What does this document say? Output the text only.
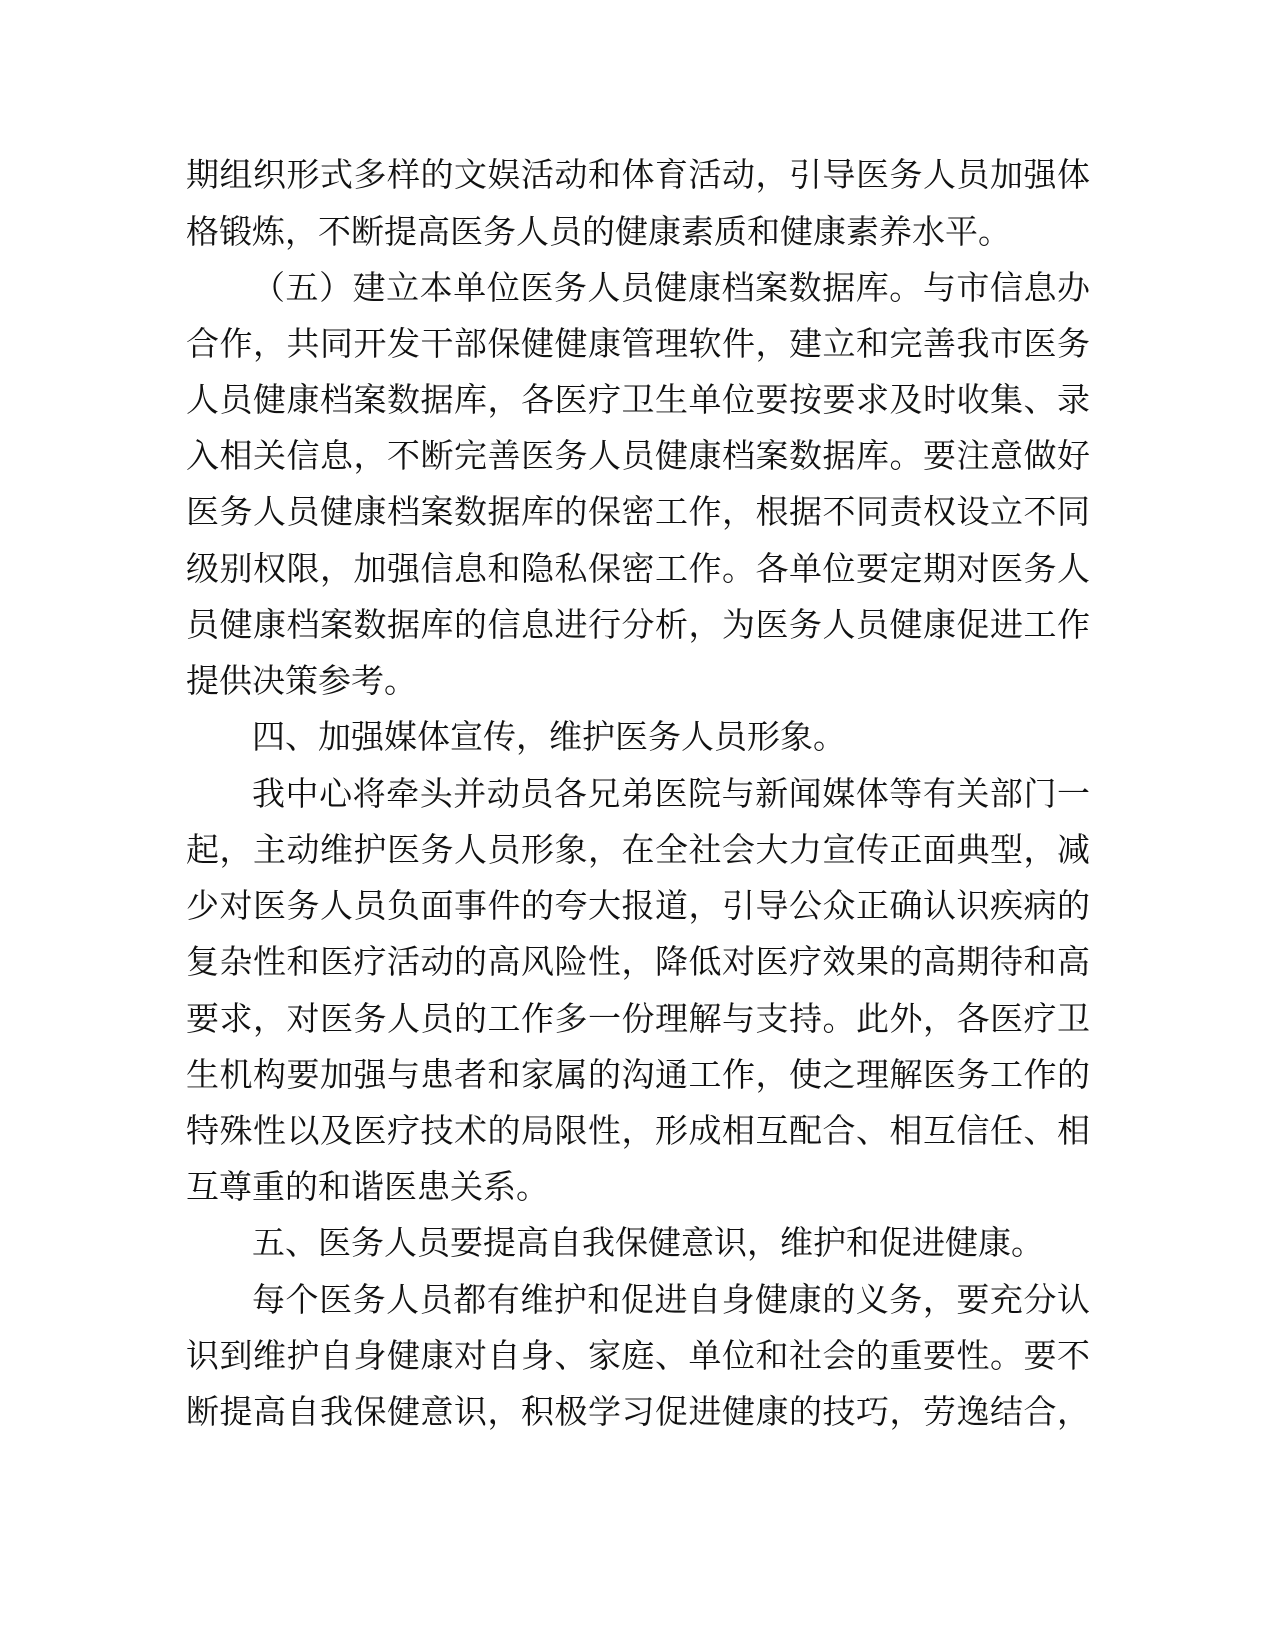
期组织形式多样的文娱活动和体育活动，引导医务人员加强体
格锻炼，不断提高医务人员的健康素质和健康素养水平。
（五）建立本单位医务人员健康档案数据库。与市信息办
合作，共同开发干部保健健康管理软件，建立和完善我市医务
人员健康档案数据库，各医疗卫生单位要按要求及时收集、录
入相关信息，不断完善医务人员健康档案数据库。要注意做好
医务人员健康档案数据库的保密工作，根据不同责权设立不同
级别权限，加强信息和隐私保密工作。各单位要定期对医务人
员健康档案数据库的信息进行分析，为医务人员健康促进工作
提供决策参考。
四、加强媒体宣传，维护医务人员形象。
我中心将牵头并动员各兄弟医院与新闻媒体等有关部门一
起，主动维护医务人员形象，在全社会大力宣传正面典型，减
少对医务人员负面事件的夸大报道，引导公众正确认识疾病的
复杂性和医疗活动的高风险性，降低对医疗效果的高期待和高
要求，对医务人员的工作多一份理解与支持。此外，各医疗卫
生机构要加强与患者和家属的沟通工作，使之理解医务工作的
特殊性以及医疗技术的局限性，形成相互配合、相互信任、相
互尊重的和谐医患关系。
五、医务人员要提高自我保健意识，维护和促进健康。
每个医务人员都有维护和促进自身健康的义务，要充分认
识到维护自身健康对自身、家庭、单位和社会的重要性。要不
断提高自我保健意识，积极学习促进健康的技巧，劳逸结合，
